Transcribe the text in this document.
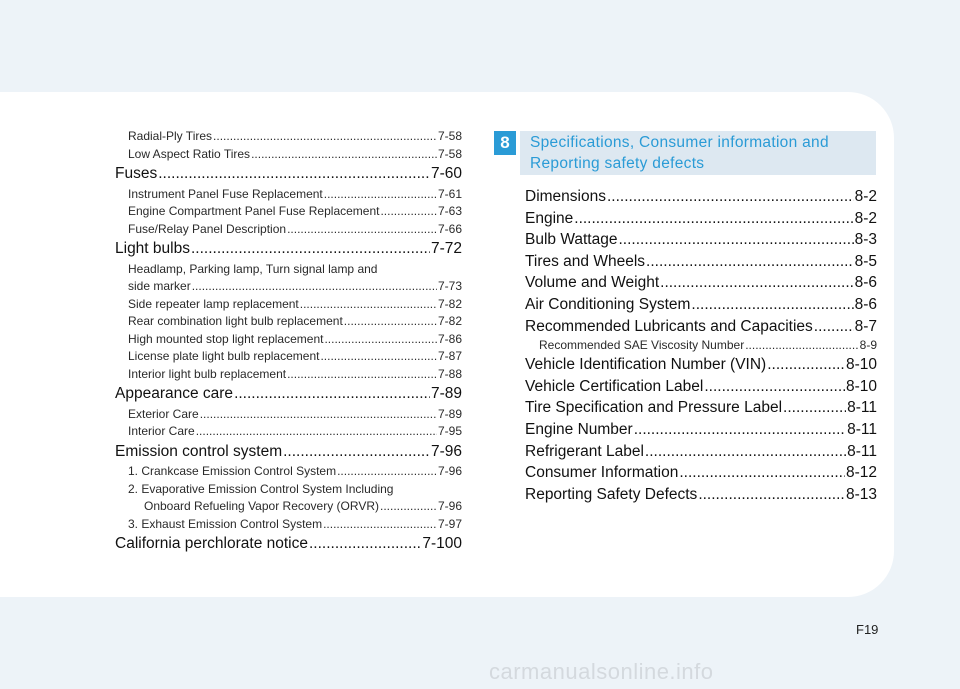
Radial-Ply Tires .....	7-58
Low Aspect Ratio Tires .....	7-58
Fuses .....	7-60
Instrument Panel Fuse Replacement .....	7-61
Engine Compartment Panel Fuse Replacement .....	7-63
Fuse/Relay Panel Description .....	7-66
Light bulbs .....	7-72
Headlamp, Parking lamp, Turn signal lamp and
side marker .....	7-73
Side repeater lamp replacement .....	7-82
Rear combination light bulb replacement .....	7-82
High mounted stop light replacement .....	7-86
License plate light bulb replacement .....	7-87
Interior light bulb replacement .....	7-88
Appearance care .....	7-89
Exterior Care .....	7-89
Interior Care .....	7-95
Emission control system .....	7-96
1. Crankcase Emission Control System .....	7-96
2. Evaporative Emission Control System Including
Onboard Refueling Vapor Recovery (ORVR) .....	7-96
3. Exhaust Emission Control System .....	7-97
California perchlorate notice .....	7-100
8	Specifications, Consumer information and
Reporting safety defects
Dimensions .....	8-2
Engine .....	8-2
Bulb Wattage .....	8-3
Tires and Wheels .....	8-5
Volume and Weight .....	8-6
Air Conditioning System .....	8-6
Recommended Lubricants and Capacities .....	8-7
Recommended SAE Viscosity Number .....	8-9
Vehicle Identification Number (VIN) .....	8-10
Vehicle Certification Label .....	8-10
Tire Specification and Pressure Label .....	8-11
Engine Number .....	8-11
Refrigerant Label .....	8-11
Consumer Information .....	8-12
Reporting Safety Defects .....	8-13
F19
carmanualsonline.info
